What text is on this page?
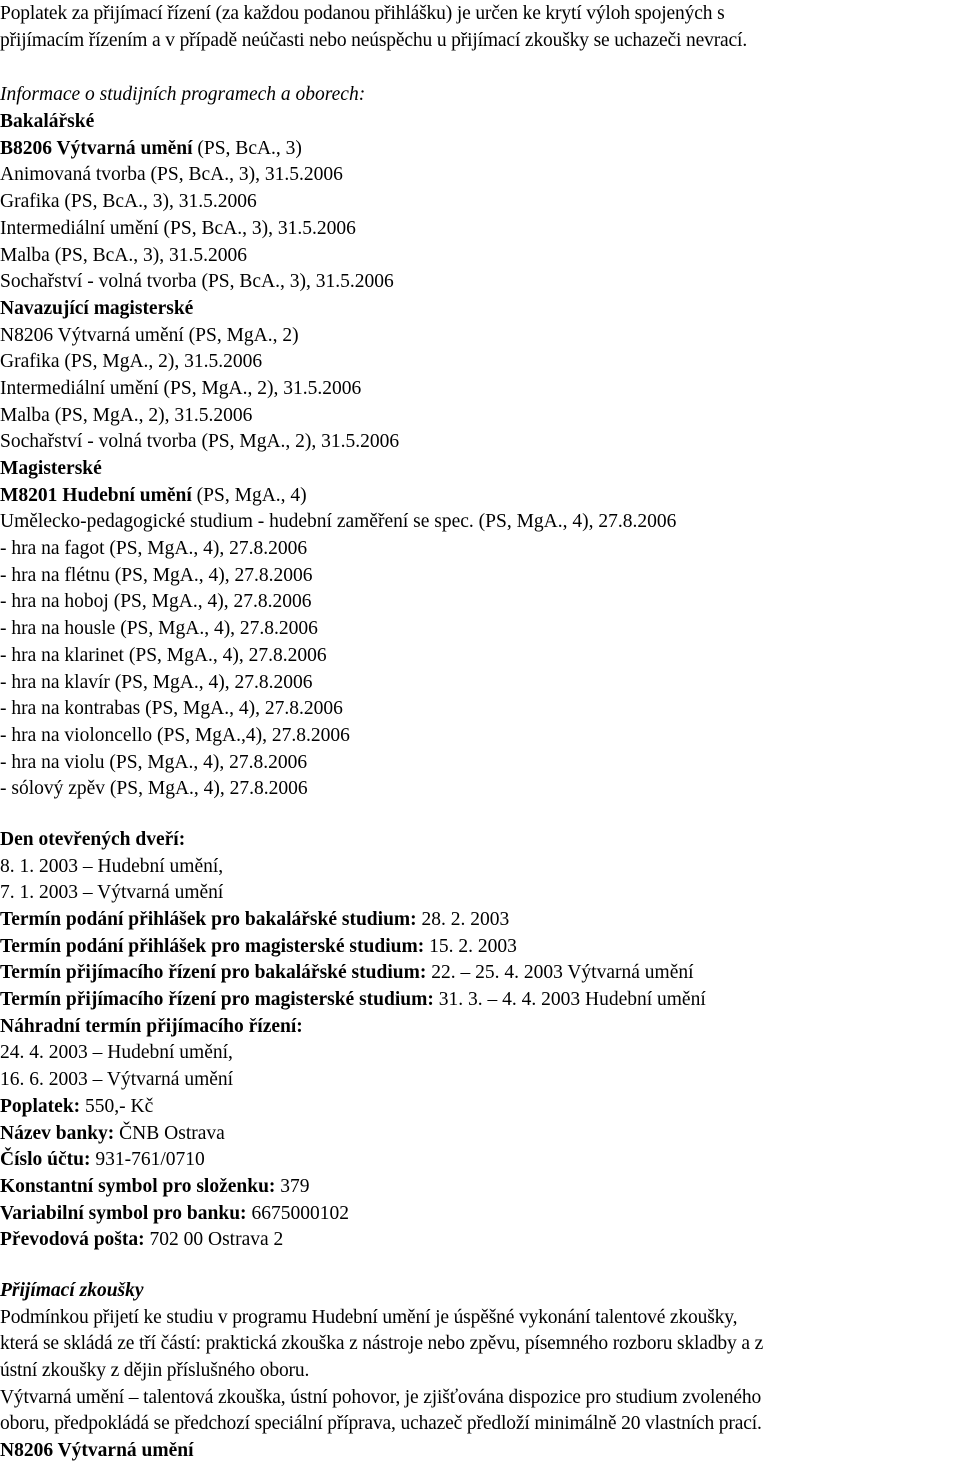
Poplatek za přijímací řízení (za každou podanou přihlášku) je určen ke krytí výloh spojených s
přijímacím řízením a v případě neúčasti nebo neúspěchu u přijímací zkoušky se uchazeči nevrací.
Informace o studijních programech a oborech:
Bakalářské
B8206 Výtvarná umění (PS, BcA., 3)
Animovaná tvorba (PS, BcA., 3), 31.5.2006
Grafika (PS, BcA., 3), 31.5.2006
Intermediální umění (PS, BcA., 3), 31.5.2006
Malba (PS, BcA., 3), 31.5.2006
Sochařství - volná tvorba (PS, BcA., 3), 31.5.2006
Navazující magisterské
N8206 Výtvarná umění (PS, MgA., 2)
Grafika (PS, MgA., 2), 31.5.2006
Intermediální umění (PS, MgA., 2), 31.5.2006
Malba (PS, MgA., 2), 31.5.2006
Sochařství - volná tvorba (PS, MgA., 2), 31.5.2006
Magisterské
M8201 Hudební umění (PS, MgA., 4)
Umělecko-pedagogické studium - hudební zaměření se spec. (PS, MgA., 4), 27.8.2006
- hra na fagot (PS, MgA., 4), 27.8.2006
- hra na flétnu (PS, MgA., 4), 27.8.2006
- hra na hoboj (PS, MgA., 4), 27.8.2006
- hra na housle (PS, MgA., 4), 27.8.2006
- hra na klarinet (PS, MgA., 4), 27.8.2006
- hra na klavír (PS, MgA., 4), 27.8.2006
- hra na kontrabas (PS, MgA., 4), 27.8.2006
- hra na violoncello (PS, MgA.,4), 27.8.2006
- hra na violu (PS, MgA., 4), 27.8.2006
- sólový zpěv (PS, MgA., 4), 27.8.2006
Den otevřených dveří:
8. 1. 2003 – Hudební umění,
7. 1. 2003 – Výtvarná umění
Termín podání přihlášek pro bakalářské studium: 28. 2. 2003
Termín podání přihlášek pro magisterské studium: 15. 2. 2003
Termín přijímacího řízení pro bakalářské studium: 22. – 25. 4. 2003 Výtvarná umění
Termín přijímacího řízení pro magisterské studium: 31. 3. – 4. 4. 2003 Hudební umění
Náhradní termín přijímacího řízení:
24. 4. 2003 – Hudební umění,
16. 6. 2003 – Výtvarná umění
Poplatek: 550,- Kč
Název banky: ČNB Ostrava
Číslo účtu: 931-761/0710
Konstantní symbol pro složenku: 379
Variabilní symbol pro banku: 6675000102
Převodová pošta: 702 00 Ostrava 2
Přijímací zkoušky
Podmínkou přijetí ke studiu v programu Hudební umění je úspěšné vykonání talentové zkoušky,
která se skládá ze tří částí: praktická zkouška z nástroje nebo zpěvu, písemného rozboru skladby a z
ústní zkoušky z dějin příslušného oboru.
Výtvarná umění – talentová zkouška, ústní pohovor, je zjišťována dispozice pro studium zvoleného
oboru, předpokládá se předchozí speciální příprava, uchazeč předloží minimálně 20 vlastních prací.
N8206 Výtvarná umění
